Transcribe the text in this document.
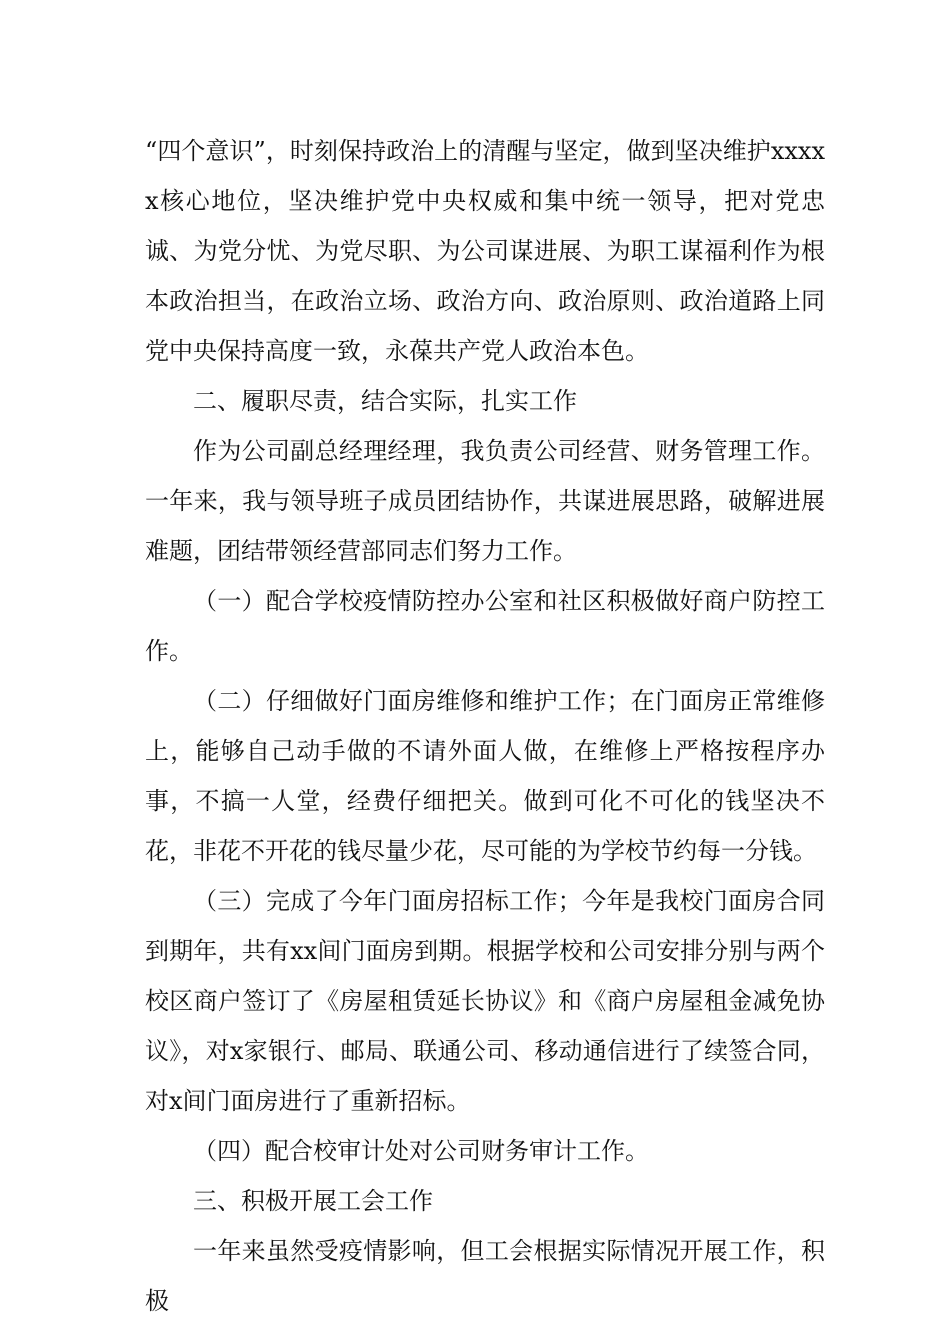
“四个意识”，时刻保持政治上的清醒与坚定，做到坚决维护xxxxx核心地位，坚决维护党中央权威和集中统一领导，把对党忠诚、为党分忧、为党尽职、为公司谋进展、为职工谋福利作为根本政治担当，在政治立场、政治方向、政治原则、政治道路上同党中央保持高度一致，永葆共产党人政治本色。

二、履职尽责，结合实际，扎实工作

作为公司副总经理经理，我负责公司经营、财务管理工作。一年来，我与领导班子成员团结协作，共谋进展思路，破解进展难题，团结带领经营部同志们努力工作。

（一）配合学校疫情防控办公室和社区积极做好商户防控工作。

（二）仔细做好门面房维修和维护工作；在门面房正常维修上，能够自己动手做的不请外面人做，在维修上严格按程序办事，不搞一人堂，经费仔细把关。做到可化不可化的钱坚决不花，非花不开花的钱尽量少花，尽可能的为学校节约每一分钱。

（三）完成了今年门面房招标工作；今年是我校门面房合同到期年，共有xx间门面房到期。根据学校和公司安排分别与两个校区商户签订了《房屋租赁延长协议》和《商户房屋租金减免协议》，对x家银行、邮局、联通公司、移动通信进行了续签合同，对x间门面房进行了重新招标。

（四）配合校审计处对公司财务审计工作。

三、积极开展工会工作

一年来虽然受疫情影响，但工会根据实际情况开展工作，积极
